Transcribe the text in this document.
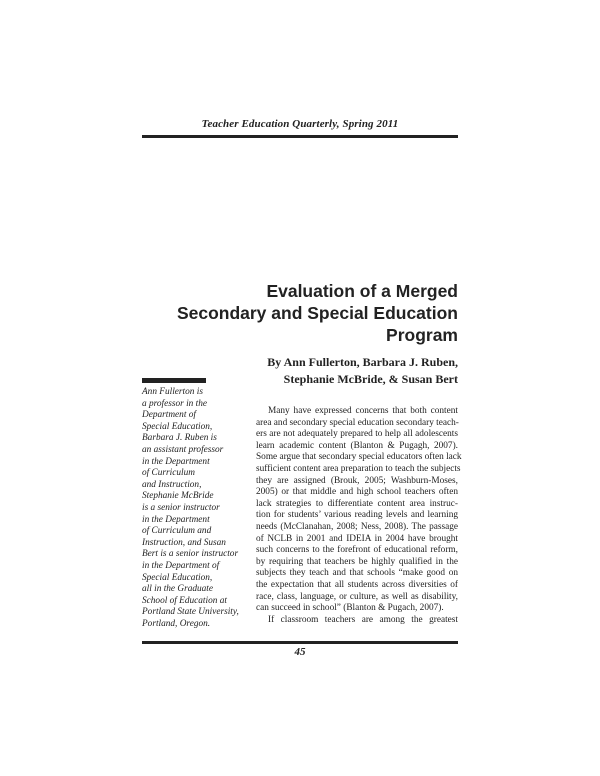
Teacher Education Quarterly, Spring 2011
Evaluation of a Merged
Secondary and Special Education
Program
By Ann Fullerton, Barbara J. Ruben,
Stephanie McBride, & Susan Bert
Ann Fullerton is
a professor in the
Department of
Special Education,
Barbara J. Ruben is
an assistant professor
in the Department
of Curriculum
and Instruction,
Stephanie McBride
is a senior instructor
in the Department
of Curriculum and
Instruction, and Susan
Bert is a senior instructor
in the Department of
Special Education,
all in the Graduate
School of Education at
Portland State University,
Portland, Oregon.
Many have expressed concerns that both content
area and secondary special education secondary teach-
ers are not adequately prepared to help all adolescents
learn academic content (Blanton & Pugagh, 2007).
Some argue that secondary special educators often lack
sufficient content area preparation to teach the subjects
they are assigned (Brouk, 2005; Washburn-Moses,
2005) or that middle and high school teachers often
lack strategies to differentiate content area instruc-
tion for students’ various reading levels and learning
needs (McClanahan, 2008; Ness, 2008). The passage
of NCLB in 2001 and IDEIA in 2004 have brought
such concerns to the forefront of educational reform,
by requiring that teachers be highly qualified in the
subjects they teach and that schools “make good on
the expectation that all students across diversities of
race, class, language, or culture, as well as disability,
can succeed in school” (Blanton & Pugach, 2007).
If classroom teachers are among the greatest
45
